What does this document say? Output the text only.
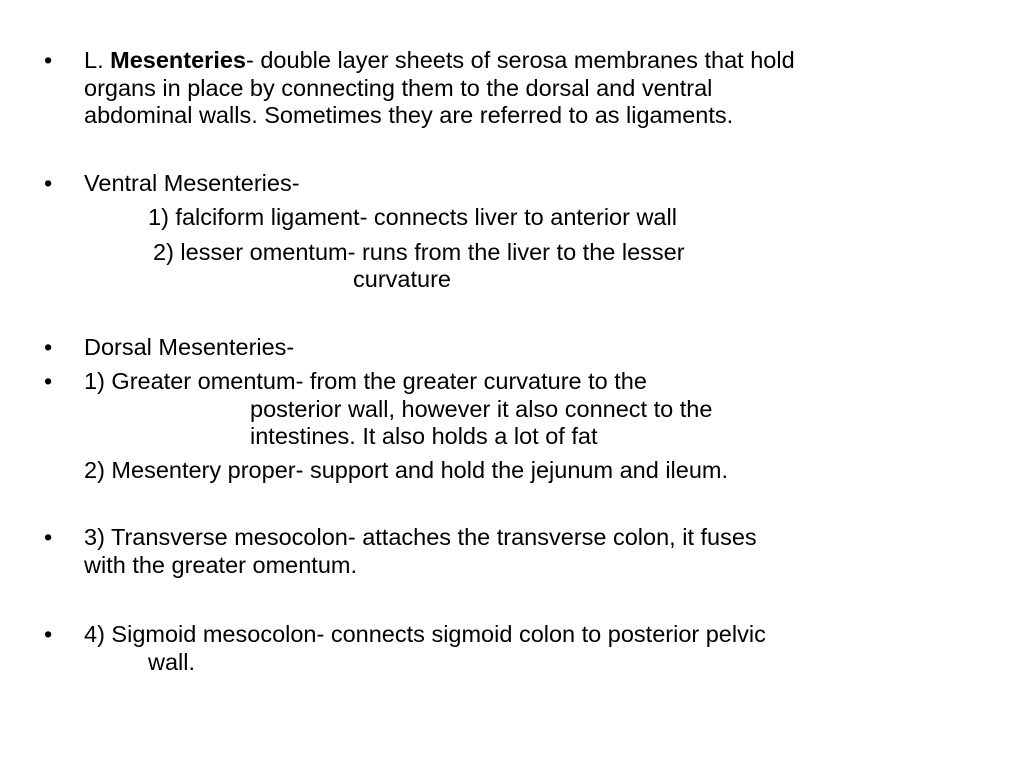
• L. Mesenteries- double layer sheets of serosa membranes that hold
organs in place by connecting them to the dorsal and ventral
abdominal walls. Sometimes they are referred to as ligaments.
• Ventral Mesenteries-
1) falciform ligament- connects liver to anterior wall
2) lesser omentum- runs from the liver to the lesser
curvature
• Dorsal Mesenteries-
• 1) Greater omentum- from the greater curvature to the
posterior wall, however it also connect to the
intestines. It also holds a lot of fat
2) Mesentery proper- support and hold the jejunum and ileum.
• 3) Transverse mesocolon- attaches the transverse colon, it fuses
with the greater omentum.
• 4) Sigmoid mesocolon- connects sigmoid colon to posterior pelvic
wall.
